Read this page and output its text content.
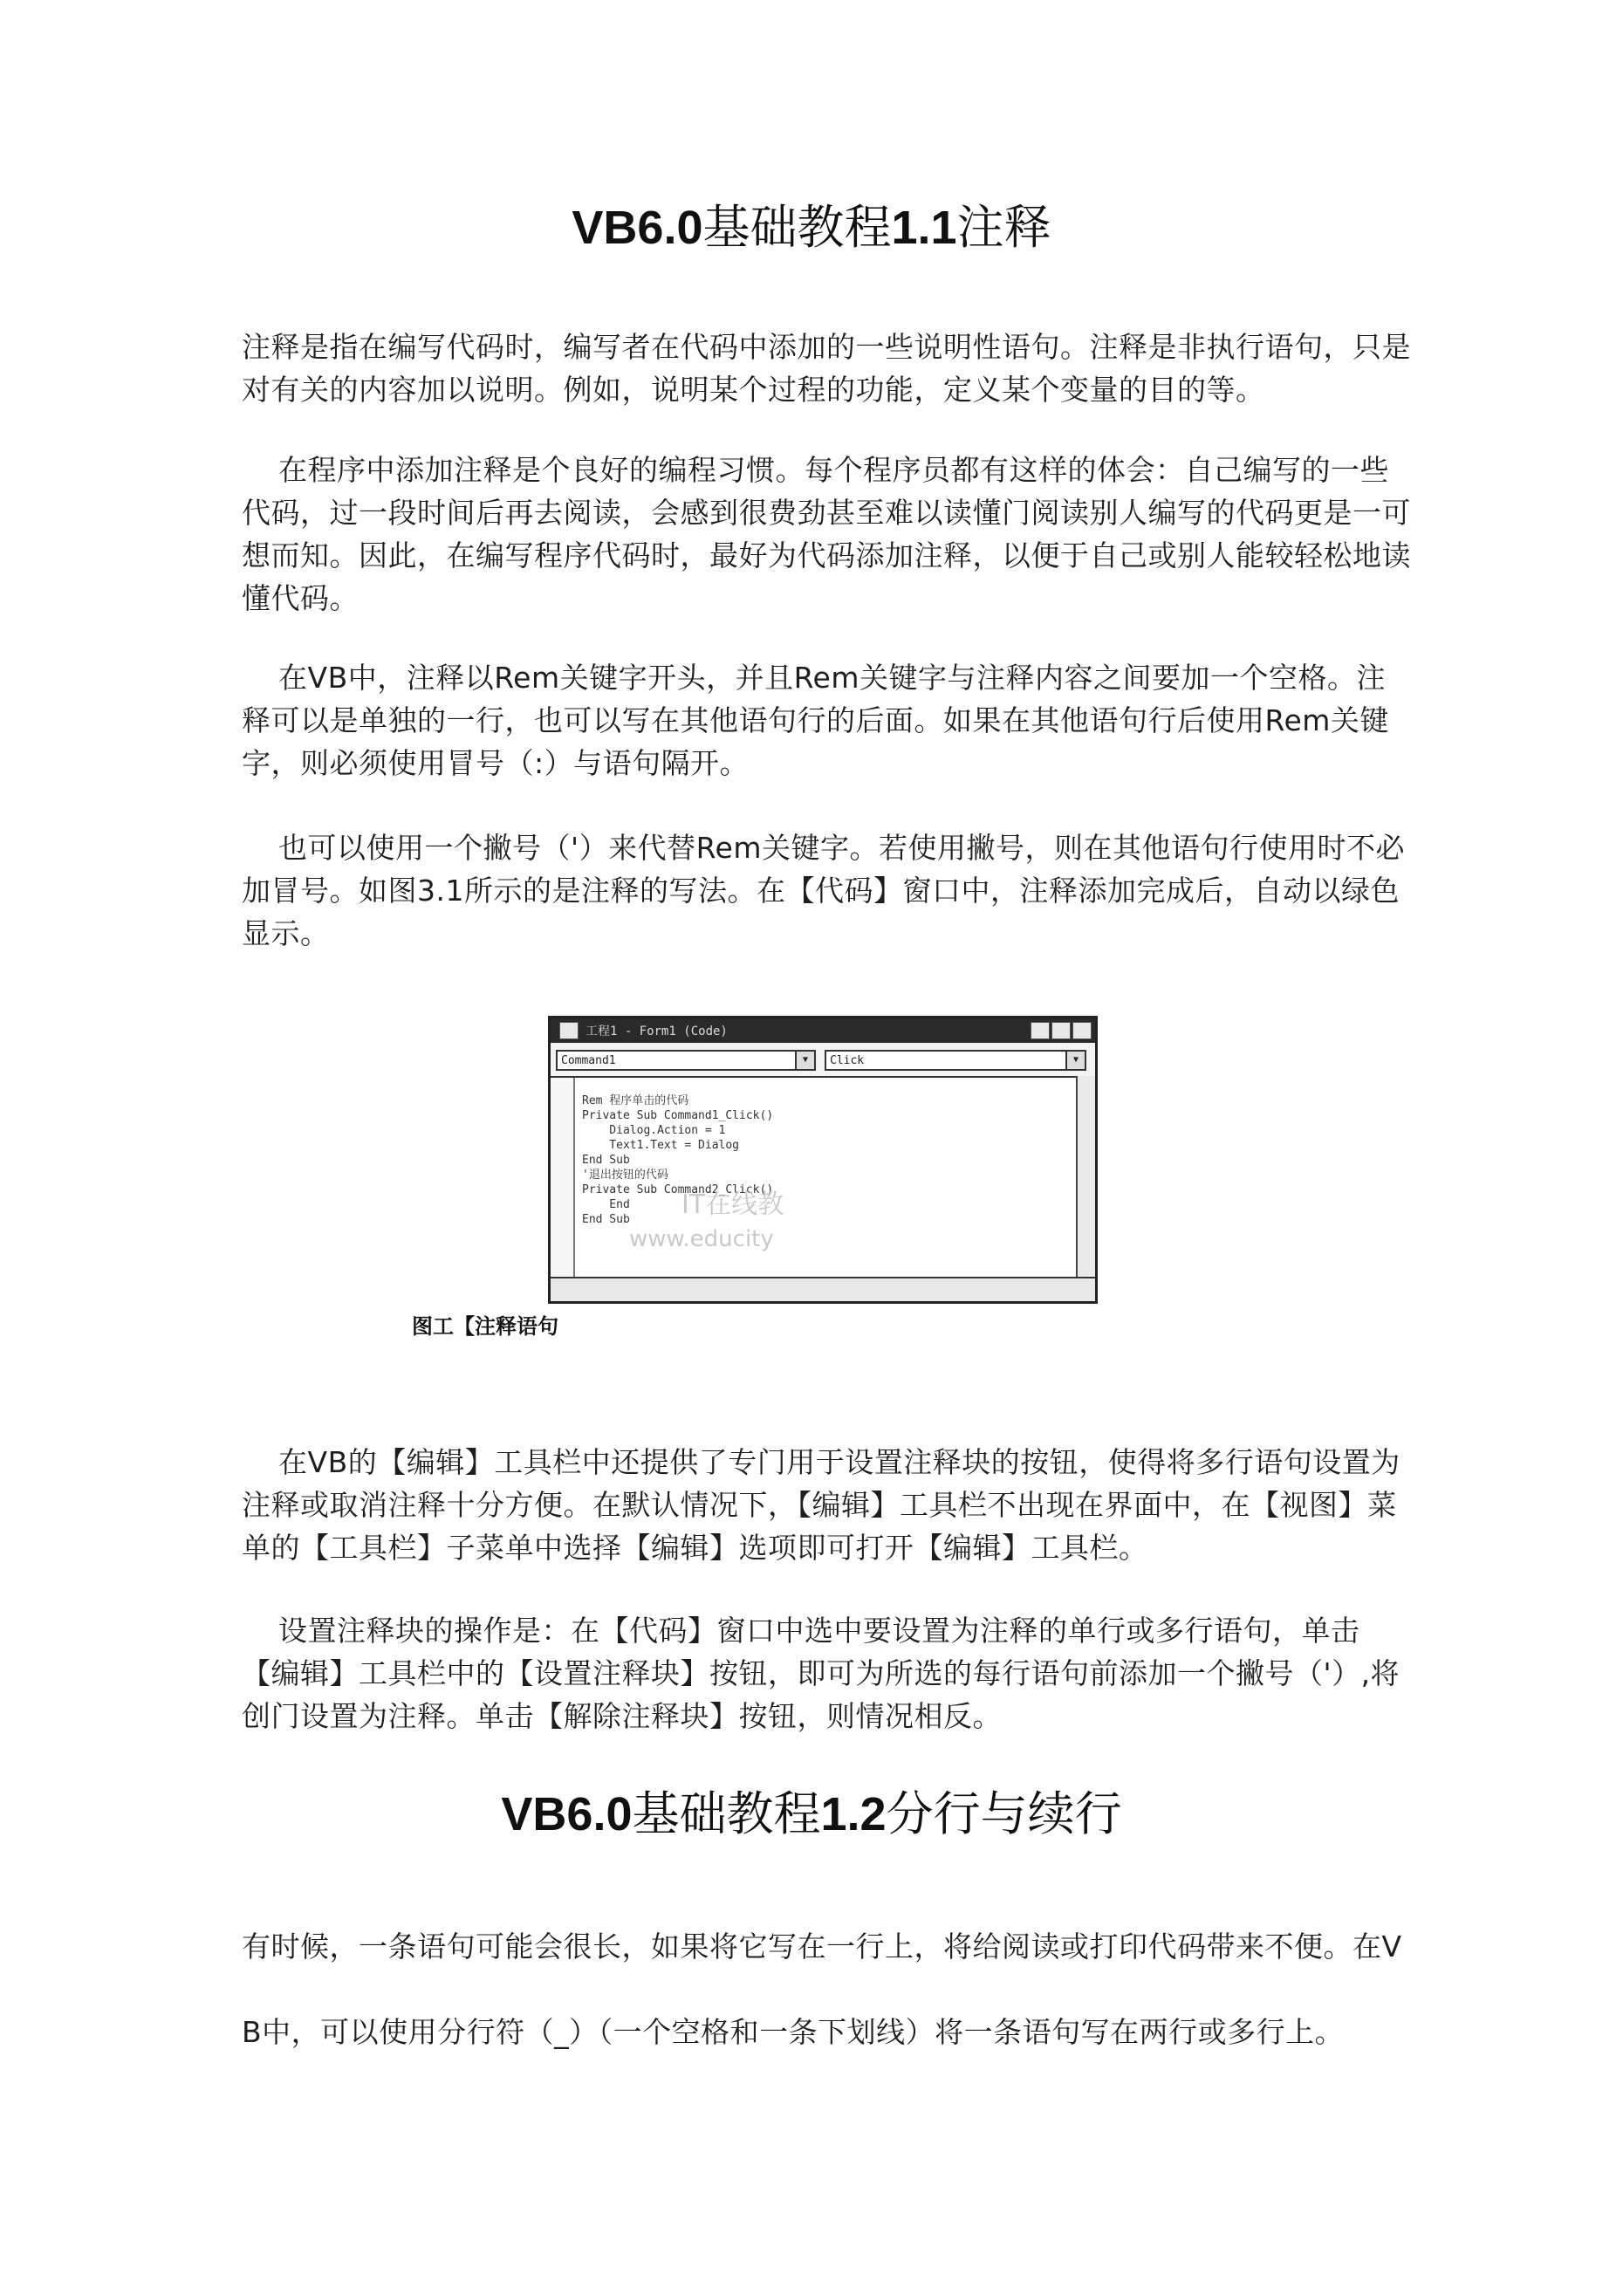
VB6.0基础教程1.1注释

注释是指在编写代码时，编写者在代码中添加的一些说明性语句。注释是非执行语句，只是对有关的内容加以说明。例如，说明某个过程的功能，定义某个变量的目的等。

在程序中添加注释是个良好的编程习惯。每个程序员都有这样的体会：自己编写的一些代码，过一段时间后再去阅读，会感到很费劲甚至难以读懂门阅读别人编写的代码更是一可想而知。因此，在编写程序代码时，最好为代码添加注释，以便于自己或别人能较轻松地读懂代码。

在VB中，注释以Rem关键字开头，并且Rem关键字与注释内容之间要加一个空格。注释可以是单独的一行，也可以写在其他语句行的后面。如果在其他语句行后使用Rem关键字，则必须使用冒号（:）与语句隔开。

也可以使用一个撇号（'）来代替Rem关键字。若使用撇号，则在其他语句行使用时不必加冒号。如图3.1所示的是注释的写法。在【代码】窗口中，注释添加完成后，自动以绿色显示。

工程1 - Form1 (Code)
Command1	▼	Click	▼
Rem 程序单击的代码
Private Sub Command1_Click()
Dialog.Action = 1
Text1.Text = Dialog
End Sub
'退出按钮的代码
Private Sub Command2_Click()
End
End Sub	IT在线教
www.educity

图工【注释语句

在VB的【编辑】工具栏中还提供了专门用于设置注释块的按钮，使得将多行语句设置为注释或取消注释十分方便。在默认情况下，【编辑】工具栏不出现在界面中，在【视图】菜单的【工具栏】子菜单中选择【编辑】选项即可打开【编辑】工具栏。

设置注释块的操作是：在【代码】窗口中选中要设置为注释的单行或多行语句，单击【编辑】工具栏中的【设置注释块】按钮，即可为所选的每行语句前添加一个撇号（'）,将创门设置为注释。单击【解除注释块】按钮，则情况相反。

VB6.0基础教程1.2分行与续行

有时候，一条语句可能会很长，如果将它写在一行上，将给阅读或打印代码带来不便。在VB中，可以使用分行符（_）（一个空格和一条下划线）将一条语句写在两行或多行上。
